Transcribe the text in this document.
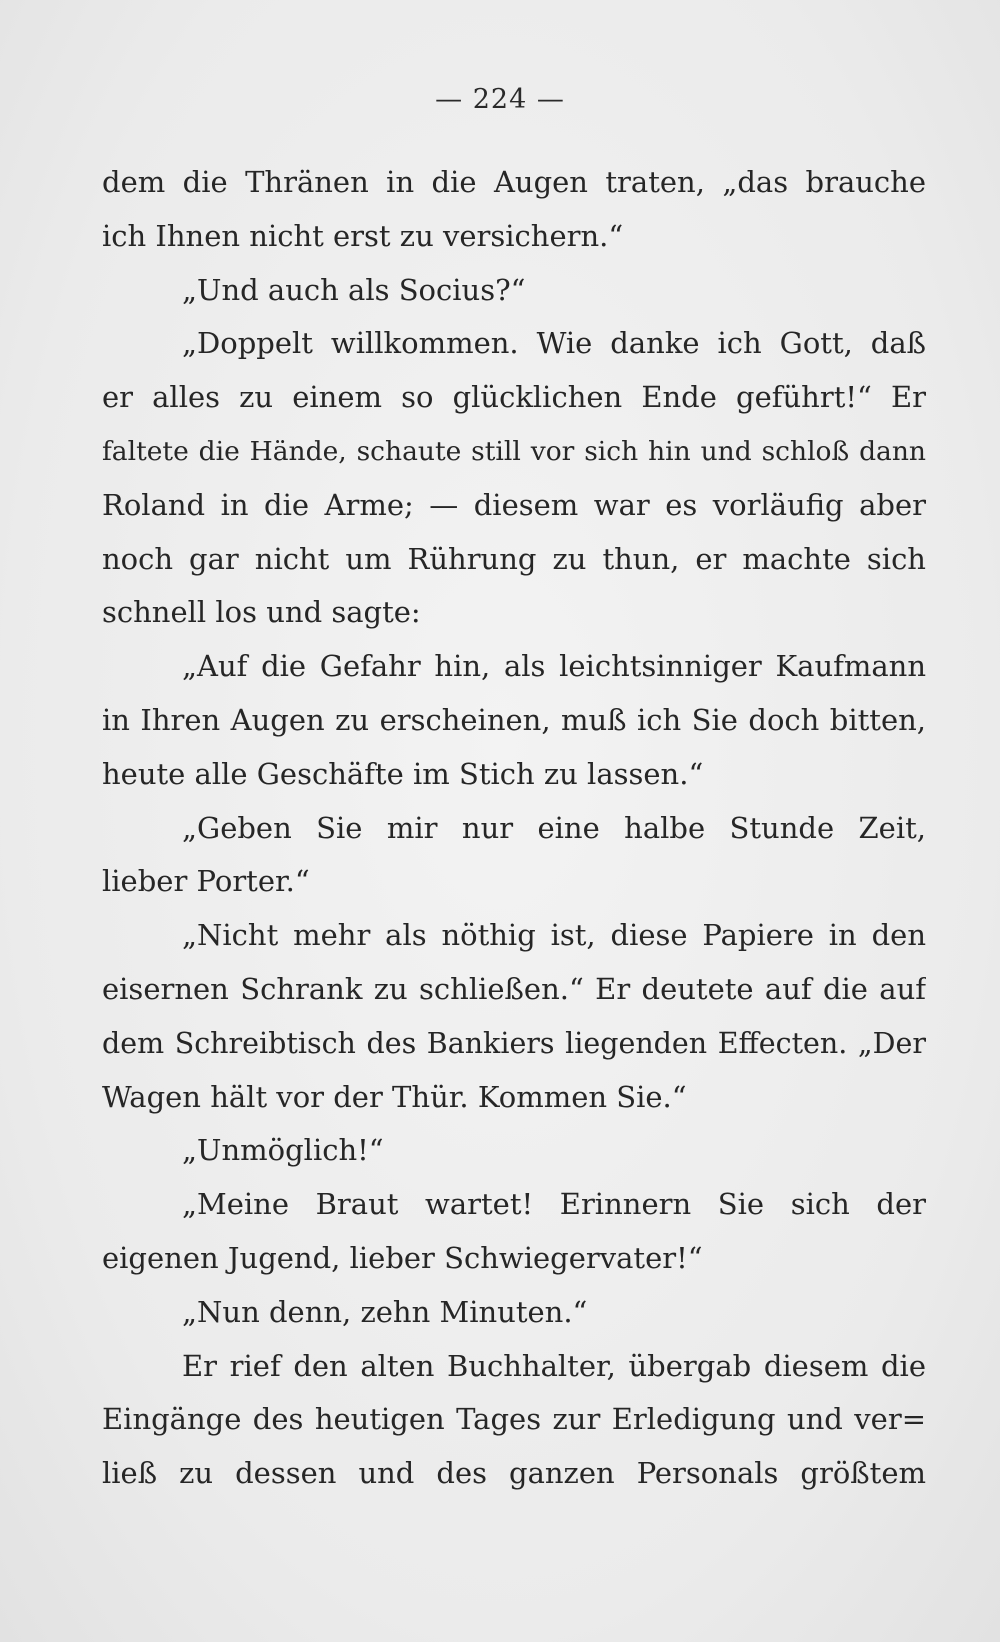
— 224 —
dem die Thränen in die Augen traten, „das brauche
ich Ihnen nicht erst zu versichern.“
„Und auch als Socius?“
„Doppelt willkommen. Wie danke ich Gott, daß
er alles zu einem so glücklichen Ende geführt!“ Er
faltete die Hände, schaute still vor sich hin und schloß dann
Roland in die Arme; — diesem war es vorläufig aber
noch gar nicht um Rührung zu thun, er machte sich
schnell los und sagte:
„Auf die Gefahr hin, als leichtsinniger Kaufmann
in Ihren Augen zu erscheinen, muß ich Sie doch bitten,
heute alle Geschäfte im Stich zu lassen.“
„Geben Sie mir nur eine halbe Stunde Zeit,
lieber Porter.“
„Nicht mehr als nöthig ist, diese Papiere in den
eisernen Schrank zu schließen.“ Er deutete auf die auf
dem Schreibtisch des Bankiers liegenden Effecten. „Der
Wagen hält vor der Thür. Kommen Sie.“
„Unmöglich!“
„Meine Braut wartet! Erinnern Sie sich der
eigenen Jugend, lieber Schwiegervater!“
„Nun denn, zehn Minuten.“
Er rief den alten Buchhalter, übergab diesem die
Eingänge des heutigen Tages zur Erledigung und ver=
ließ zu dessen und des ganzen Personals größtem
